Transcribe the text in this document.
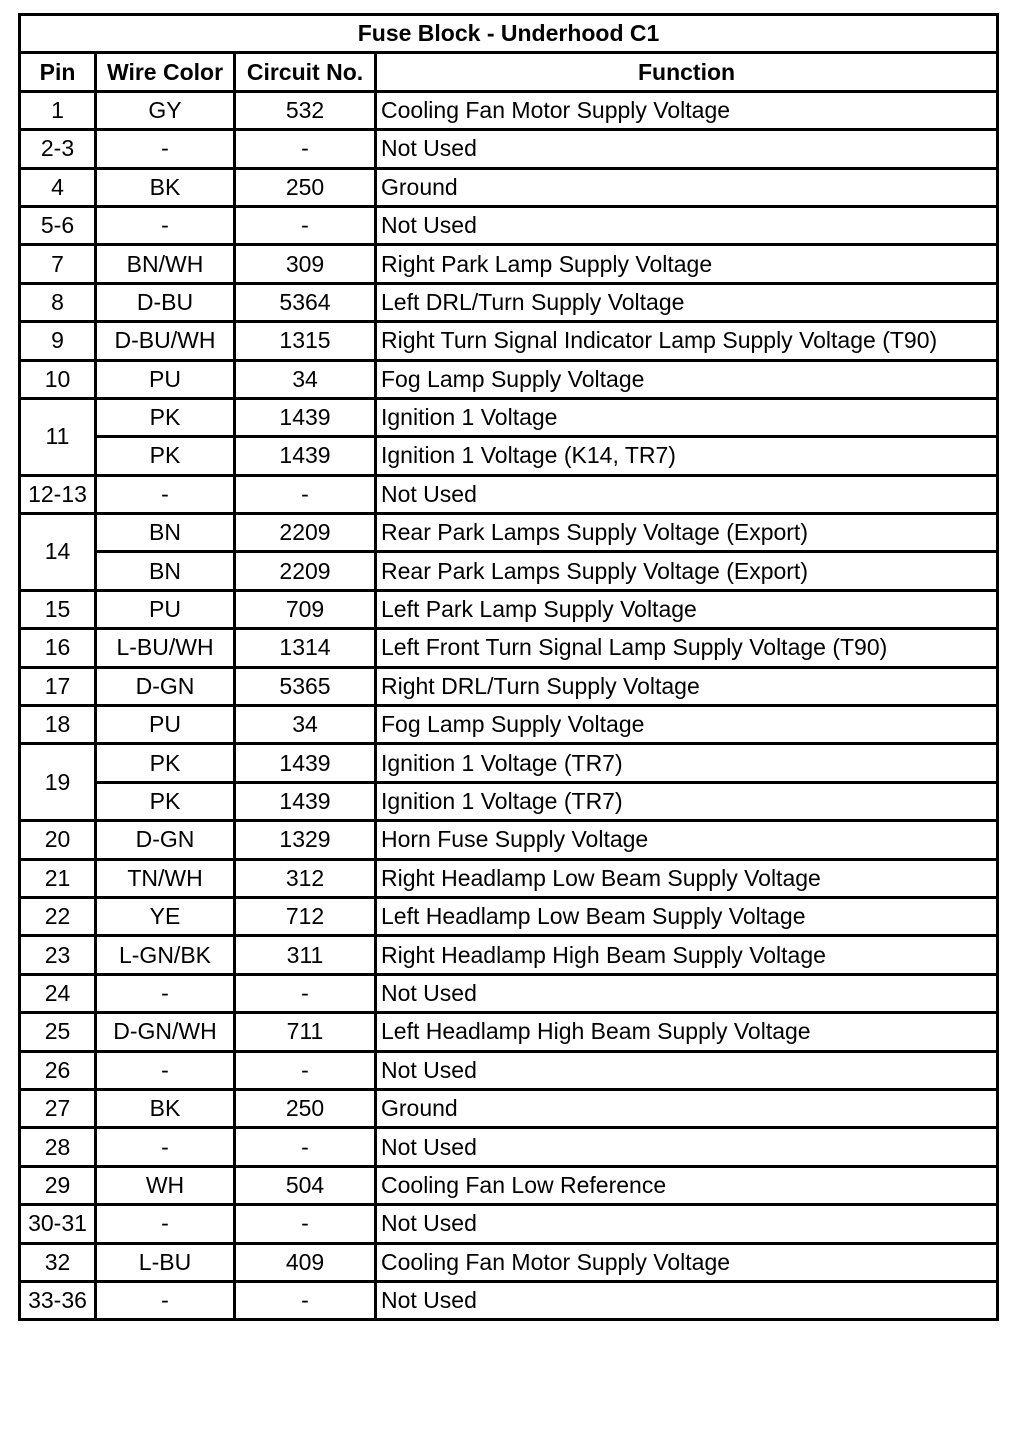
Fuse Block - Underhood C1			
Pin	Wire Color	Circuit No.	Function
1	GY	532	Cooling Fan Motor Supply Voltage
2-3	-	-	Not Used
4	BK	250	Ground
5-6	-	-	Not Used
7	BN/WH	309	Right Park Lamp Supply Voltage
8	D-BU	5364	Left DRL/Turn Supply Voltage
9	D-BU/WH	1315	Right Turn Signal Indicator Lamp Supply Voltage (T90)
10	PU	34	Fog Lamp Supply Voltage
11	PK	1439	Ignition 1 Voltage
	PK	1439	Ignition 1 Voltage (K14, TR7)
12-13	-	-	Not Used
14	BN	2209	Rear Park Lamps Supply Voltage (Export)
	BN	2209	Rear Park Lamps Supply Voltage (Export)
15	PU	709	Left Park Lamp Supply Voltage
16	L-BU/WH	1314	Left Front Turn Signal Lamp Supply Voltage (T90)
17	D-GN	5365	Right DRL/Turn Supply Voltage
18	PU	34	Fog Lamp Supply Voltage
19	PK	1439	Ignition 1 Voltage (TR7)
	PK	1439	Ignition 1 Voltage (TR7)
20	D-GN	1329	Horn Fuse Supply Voltage
21	TN/WH	312	Right Headlamp Low Beam Supply Voltage
22	YE	712	Left Headlamp Low Beam Supply Voltage
23	L-GN/BK	311	Right Headlamp High Beam Supply Voltage
24	-	-	Not Used
25	D-GN/WH	711	Left Headlamp High Beam Supply Voltage
26	-	-	Not Used
27	BK	250	Ground
28	-	-	Not Used
29	WH	504	Cooling Fan Low Reference
30-31	-	-	Not Used
32	L-BU	409	Cooling Fan Motor Supply Voltage
33-36	-	-	Not Used
